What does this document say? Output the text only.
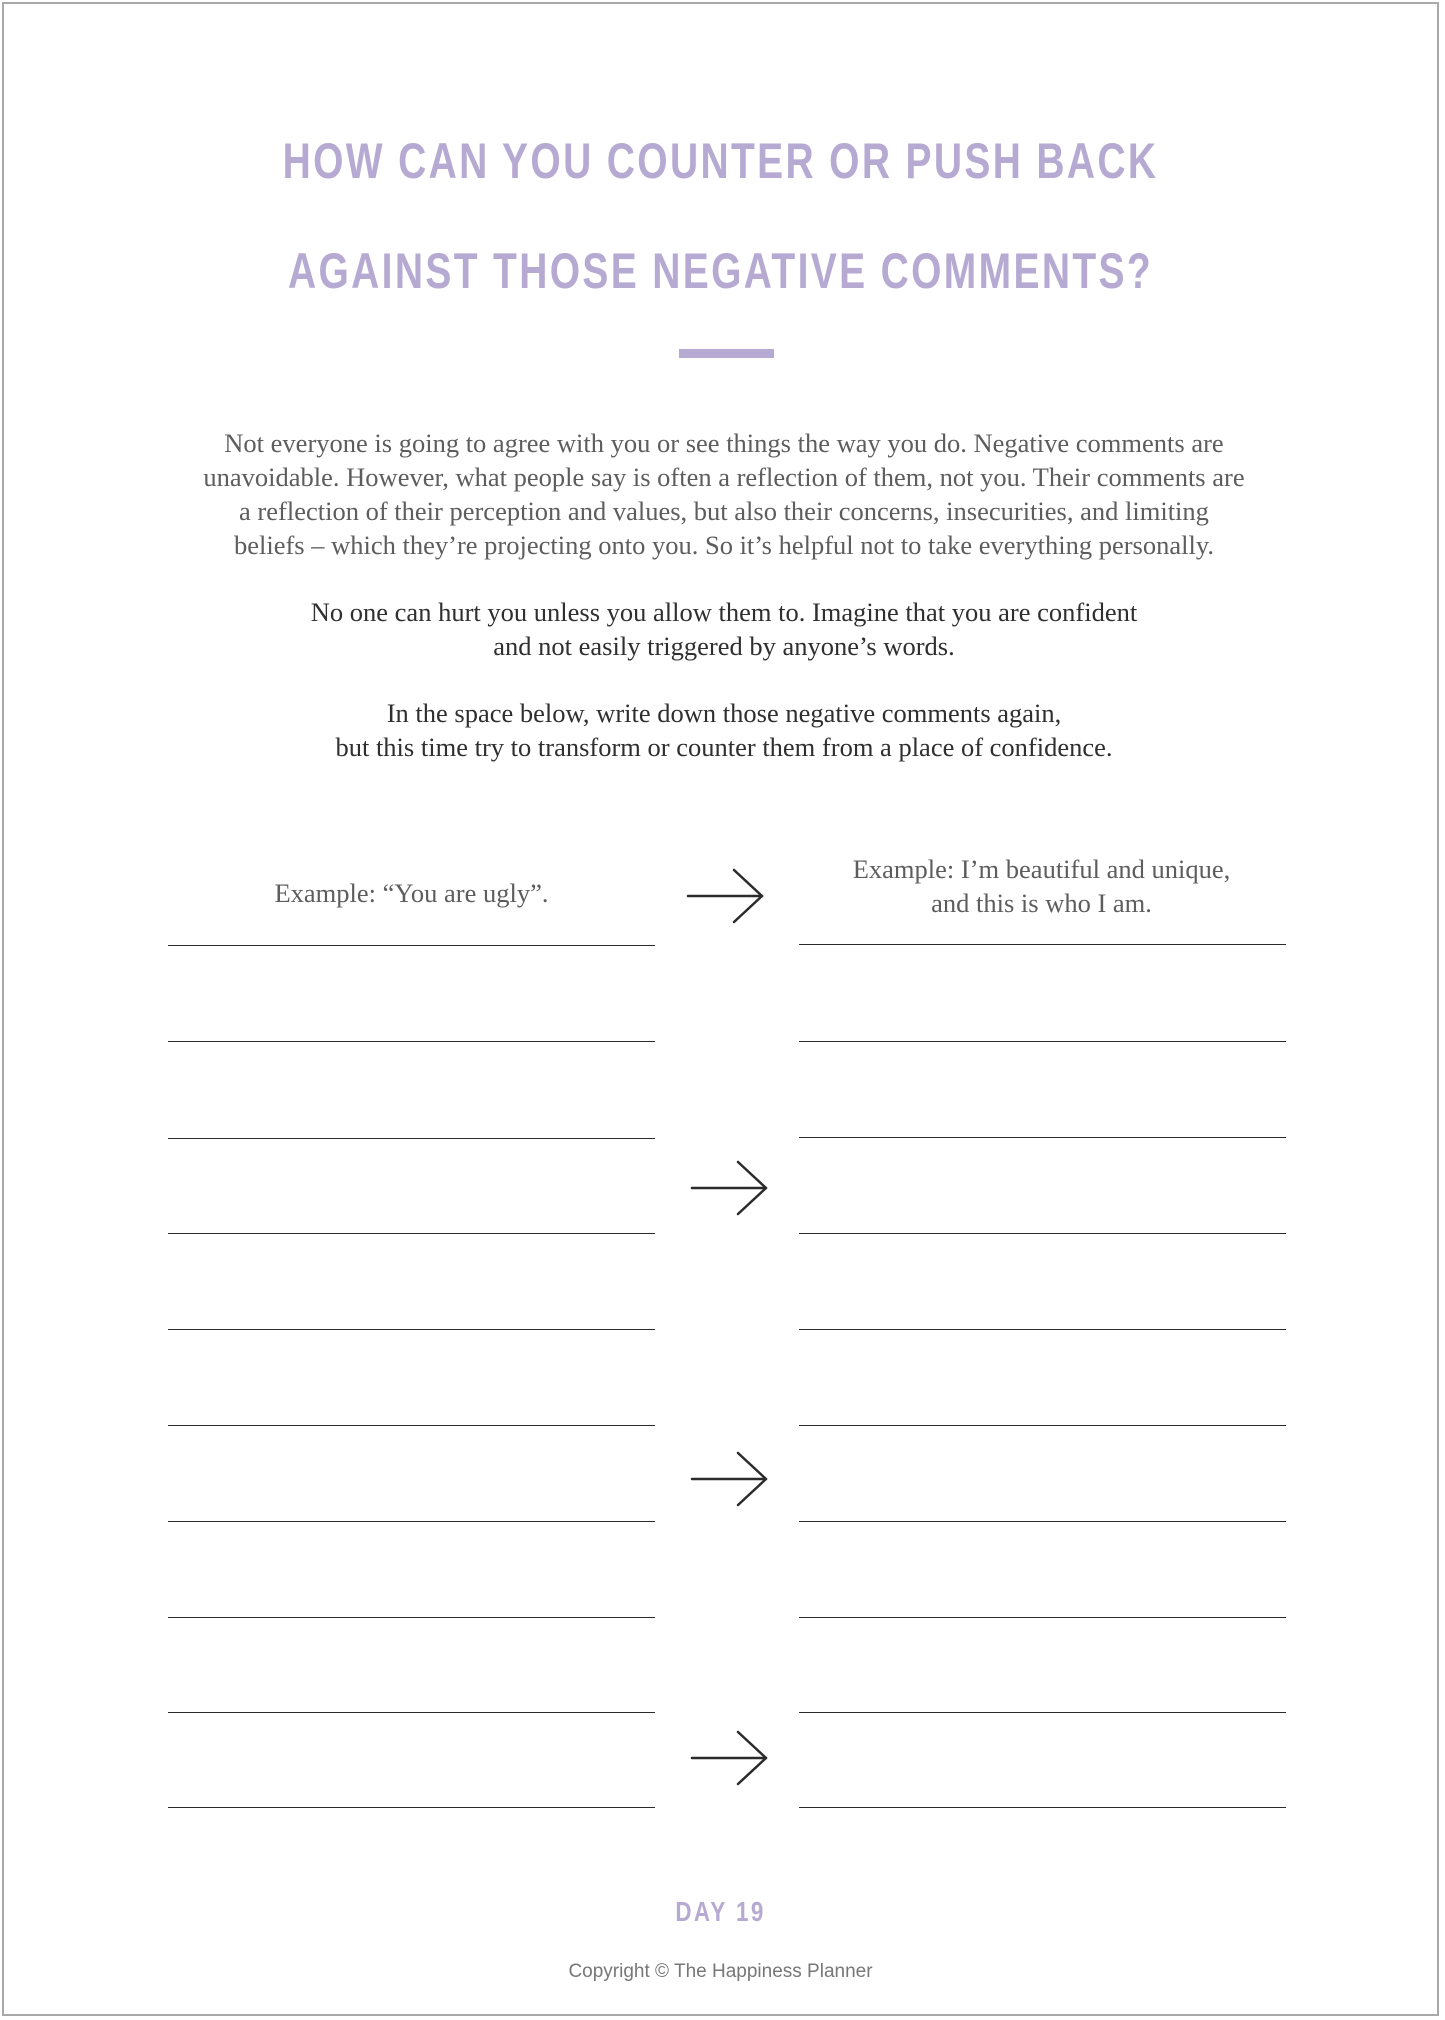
HOW CAN YOU COUNTER OR PUSH BACK
AGAINST THOSE NEGATIVE COMMENTS?

Not everyone is going to agree with you or see things the way you do. Negative comments are
unavoidable. However, what people say is often a reflection of them, not you. Their comments are
a reflection of their perception and values, but also their concerns, insecurities, and limiting
beliefs – which they’re projecting onto you. So it’s helpful not to take everything personally.

No one can hurt you unless you allow them to. Imagine that you are confident
and not easily triggered by anyone’s words.

In the space below, write down those negative comments again,
but this time try to transform or counter them from a place of confidence.

Example: “You are ugly”.
Example: I’m beautiful and unique,
and this is who I am.
DAY 19
Copyright © The Happiness Planner
